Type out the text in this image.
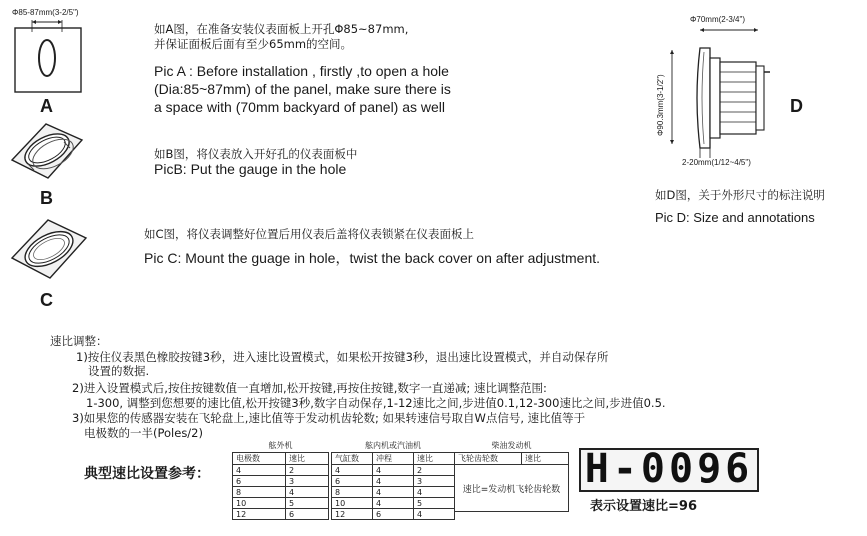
Φ85-87mm(3-2/5")
A
如A图，在准备安装仪表面板上开孔Φ85~87mm,
并保证面板后面有至少65mm的空间。
Pic A : Before installation , firstly ,to open a hole
(Dia:85~87mm) of the panel, make sure there is
a space with (70mm backyard of panel) as well
B
如B图，将仪表放入开好孔的仪表面板中
PicB: Put the gauge in the hole
C
如C图，将仪表调整好位置后用仪表后盖将仪表锁紧在仪表面板上
Pic C: Mount the guage in hole，twist the back cover on after adjustment.
Φ70mm(2-3/4")
Φ90.3mm(3-1/2")
2-20mm(1/12~4/5")
D
如D图，关于外形尺寸的标注说明
Pic D: Size and annotations
速比调整：
1)按住仪表黑色橡胶按键3秒，进入速比设置模式，如果松开按键3秒，退出速比设置模式，并自动保存所
设置的数据.
2)进入设置模式后,按住按键数值一直增加,松开按键,再按住按键,数字一直递减; 速比调整范围:
1-300, 调整到您想要的速比值,松开按键3秒,数字自动保存,1-12速比之间,步进值0.1,12-300速比之间,步进值0.5.
3)如果您的传感器安装在飞轮盘上,速比值等于发动机齿轮数; 如果转速信号取自W点信号, 速比值等于
电极数的一半(Poles/2)
典型速比设置参考：
舷外机	
电极数	速比
4	2
6	3
8	4
10	5
12	6
舷内机或汽油机		
气缸数	冲程	速比
4	4	2
6	4	3
8	4	4
10	4	5
12	6	4
柴油发动机
飞轮齿轮数	速比
速比=发动机飞轮齿轮数 H-0096
表示设置速比=96
